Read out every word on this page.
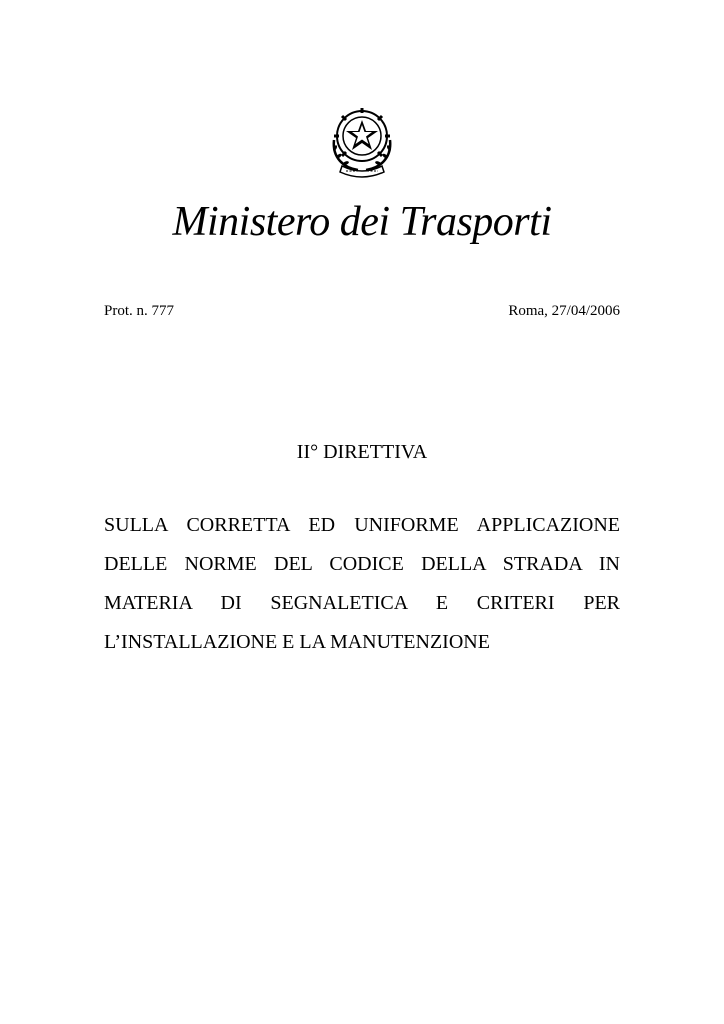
Ministero dei Trasporti
Prot. n. 777	Roma, 27/04/2006
II° DIRETTIVA
SULLA CORRETTA ED UNIFORME APPLICAZIONE
DELLE NORME DEL CODICE DELLA STRADA IN
MATERIA DI SEGNALETICA E CRITERI PER
L’INSTALLAZIONE E LA MANUTENZIONE
